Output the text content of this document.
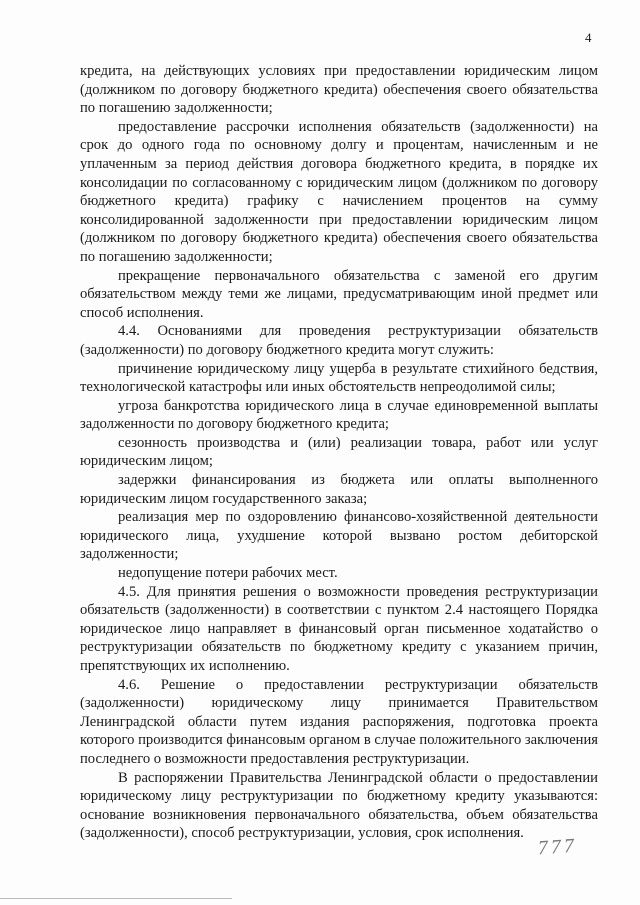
4

кредита, на действующих условиях при предоставлении юридическим лицом (должником по договору бюджетного кредита) обеспечения своего обязательства по погашению задолженности;

предоставление рассрочки исполнения обязательств (задолженности) на срок до одного года по основному долгу и процентам, начисленным и не уплаченным за период действия договора бюджетного кредита, в порядке их консолидации по согласованному с юридическим лицом (должником по договору бюджетного кредита) графику с начислением процентов на сумму консолидированной задолженности при предоставлении юридическим лицом (должником по договору бюджетного кредита) обеспечения своего обязательства по погашению задолженности;

прекращение первоначального обязательства с заменой его другим обязательством между теми же лицами, предусматривающим иной предмет или способ исполнения.

4.4. Основаниями для проведения реструктуризации обязательств (задолженности) по договору бюджетного кредита могут служить:

причинение юридическому лицу ущерба в результате стихийного бедствия, технологической катастрофы или иных обстоятельств непреодолимой силы;

угроза банкротства юридического лица в случае единовременной выплаты задолженности по договору бюджетного кредита;

сезонность производства и (или) реализации товара, работ или услуг юридическим лицом;

задержки финансирования из бюджета или оплаты выполненного юридическим лицом государственного заказа;

реализация мер по оздоровлению финансово-хозяйственной деятельности юридического лица, ухудшение которой вызвано ростом дебиторской задолженности;

недопущение потери рабочих мест.

4.5. Для принятия решения о возможности проведения реструктуризации обязательств (задолженности) в соответствии с пунктом 2.4 настоящего Порядка юридическое лицо направляет в финансовый орган письменное ходатайство о реструктуризации обязательств по бюджетному кредиту с указанием причин, препятствующих их исполнению.

4.6. Решение о предоставлении реструктуризации обязательств (задолженности) юридическому лицу принимается Правительством Ленинградской области путем издания распоряжения, подготовка проекта которого производится финансовым органом в случае положительного заключения последнего о возможности предоставления реструктуризации.

В распоряжении Правительства Ленинградской области о предоставлении юридическому лицу реструктуризации по бюджетному кредиту указываются: основание возникновения первоначального обязательства, объем обязательства (задолженности), способ реструктуризации, условия, срок исполнения.

777
